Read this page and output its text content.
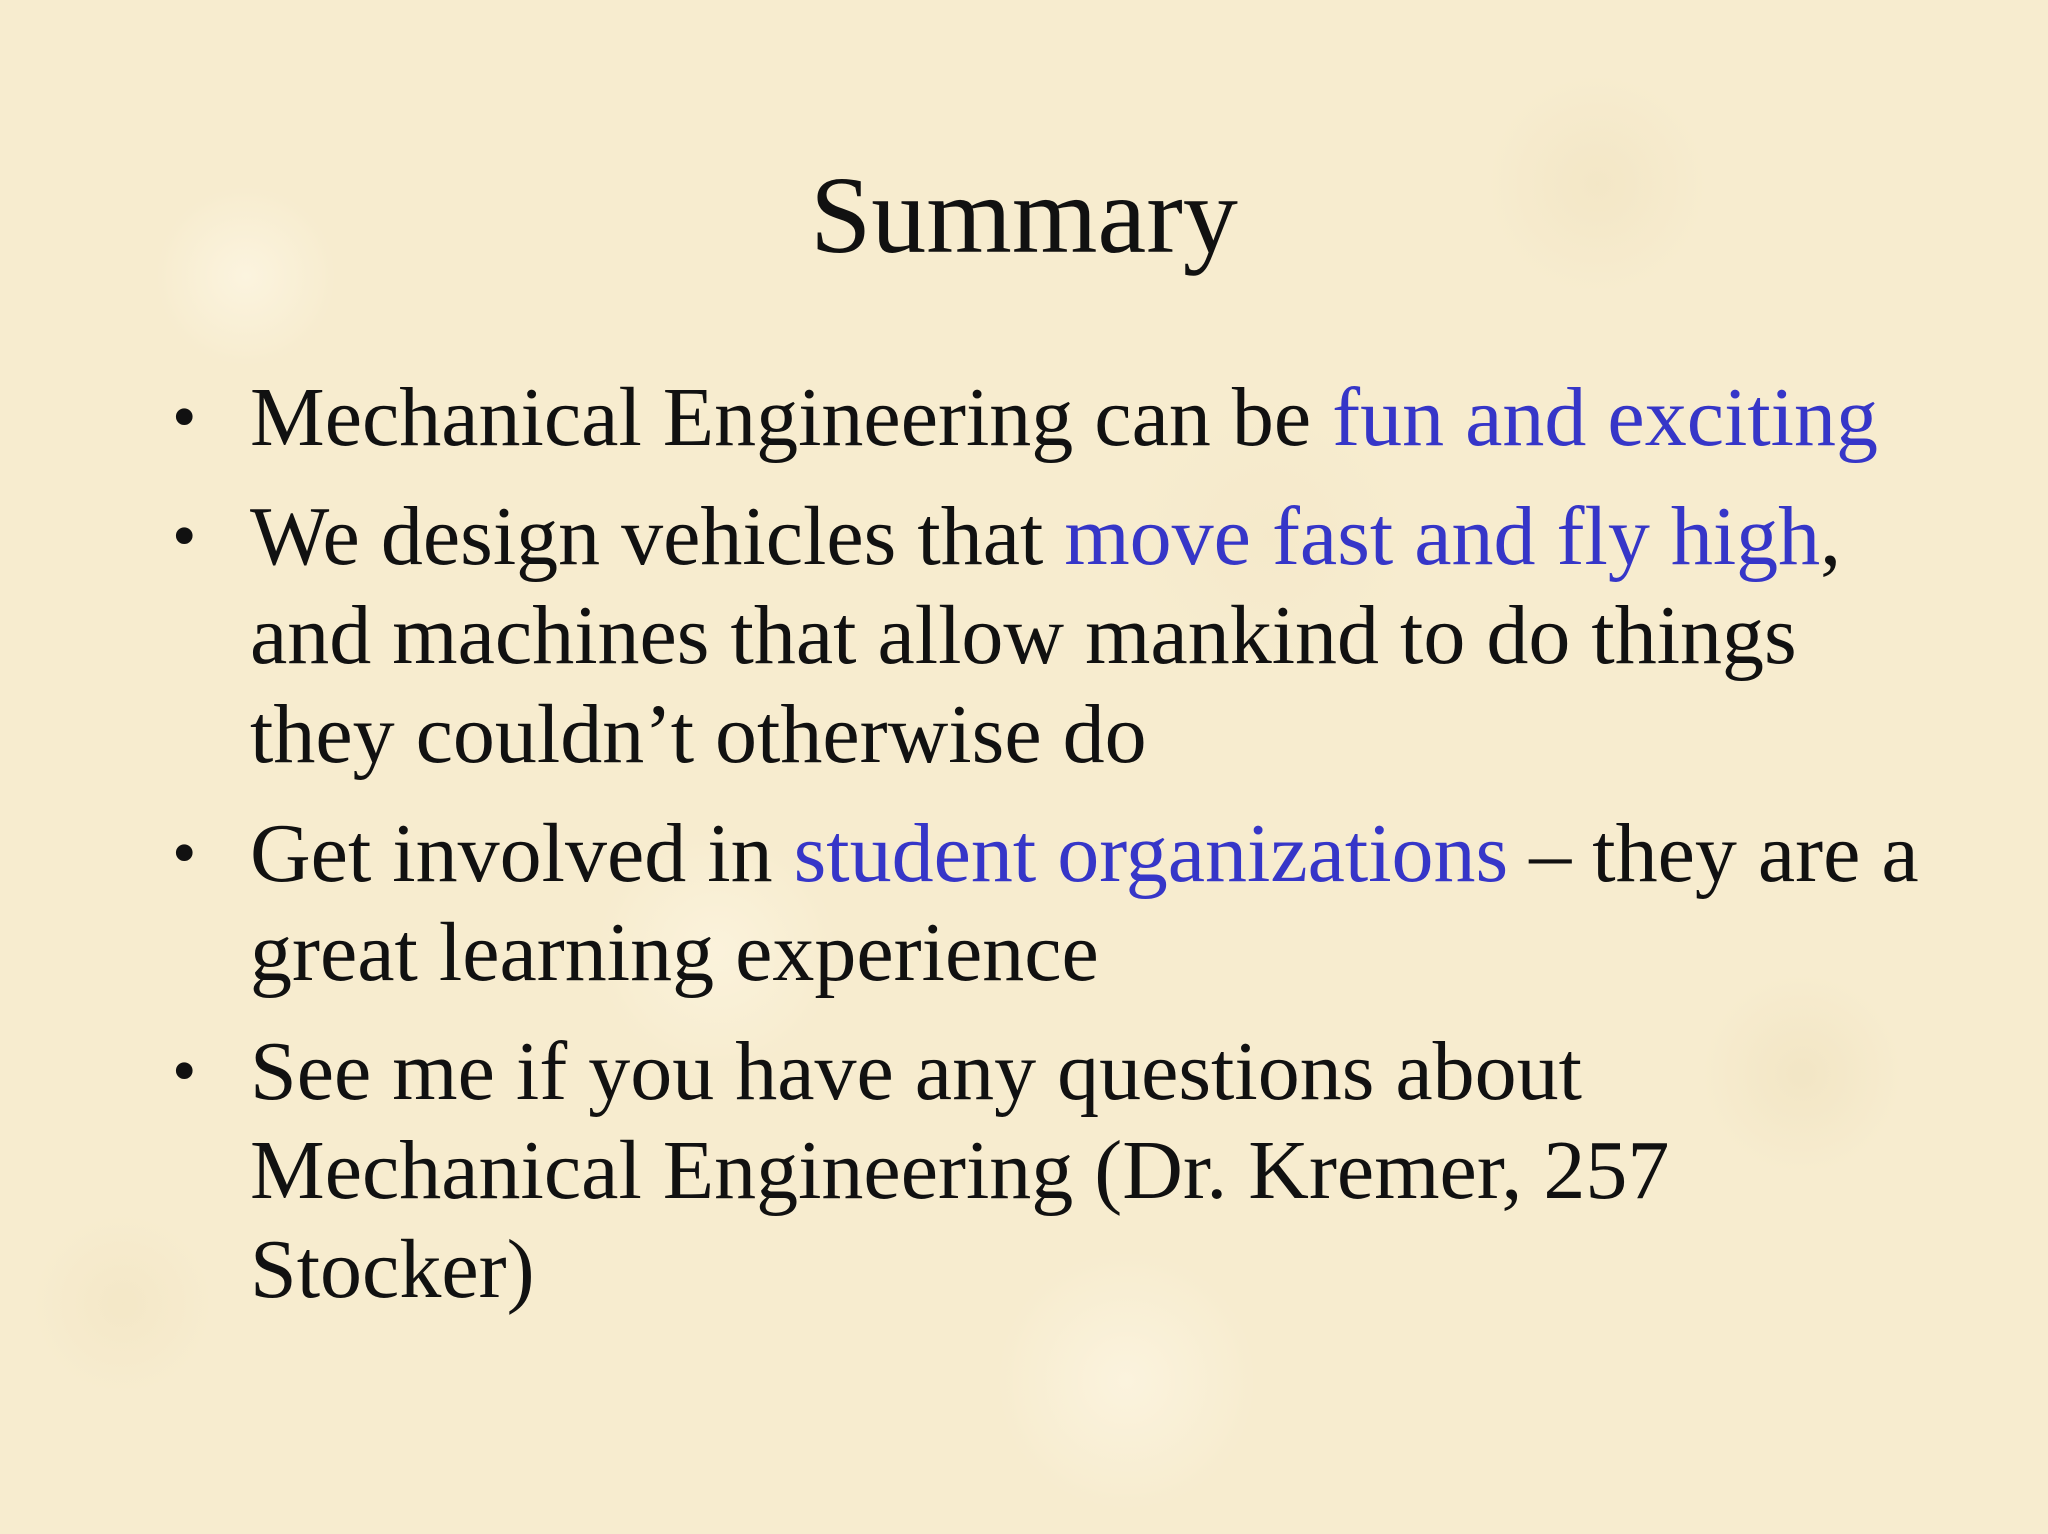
Summary
• Mechanical Engineering can be fun and exciting
• We design vehicles that move fast and fly high, and machines that allow mankind to do things they couldn’t otherwise do
• Get involved in student organizations – they are a great learning experience
• See me if you have any questions about Mechanical Engineering (Dr. Kremer, 257 Stocker)
